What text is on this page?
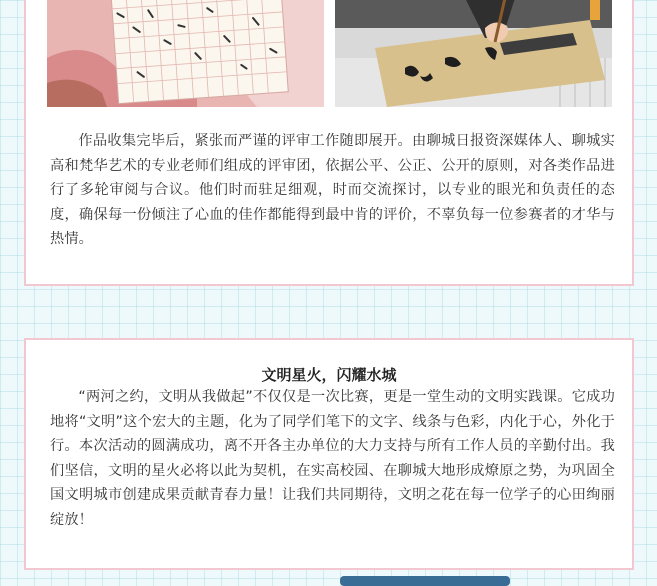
作品收集完毕后，紧张而严谨的评审工作随即展开。由聊城日报资深媒体人、聊城实高和梵华艺术的专业老师们组成的评审团，依据公平、公正、公开的原则，对各类作品进行了多轮审阅与合议。他们时而驻足细观，时而交流探讨，以专业的眼光和负责任的态度，确保每一份倾注了心血的佳作都能得到最中肯的评价，不辜负每一位参赛者的才华与热情。

文明星火，闪耀水城

“两河之约，文明从我做起”不仅仅是一次比赛，更是一堂生动的文明实践课。它成功地将“文明”这个宏大的主题，化为了同学们笔下的文字、线条与色彩，内化于心，外化于行。本次活动的圆满成功，离不开各主办单位的大力支持与所有工作人员的辛勤付出。我们坚信，文明的星火必将以此为契机，在实高校园、在聊城大地形成燎原之势，为巩固全国文明城市创建成果贡献青春力量！让我们共同期待，文明之花在每一位学子的心田绚丽绽放！
